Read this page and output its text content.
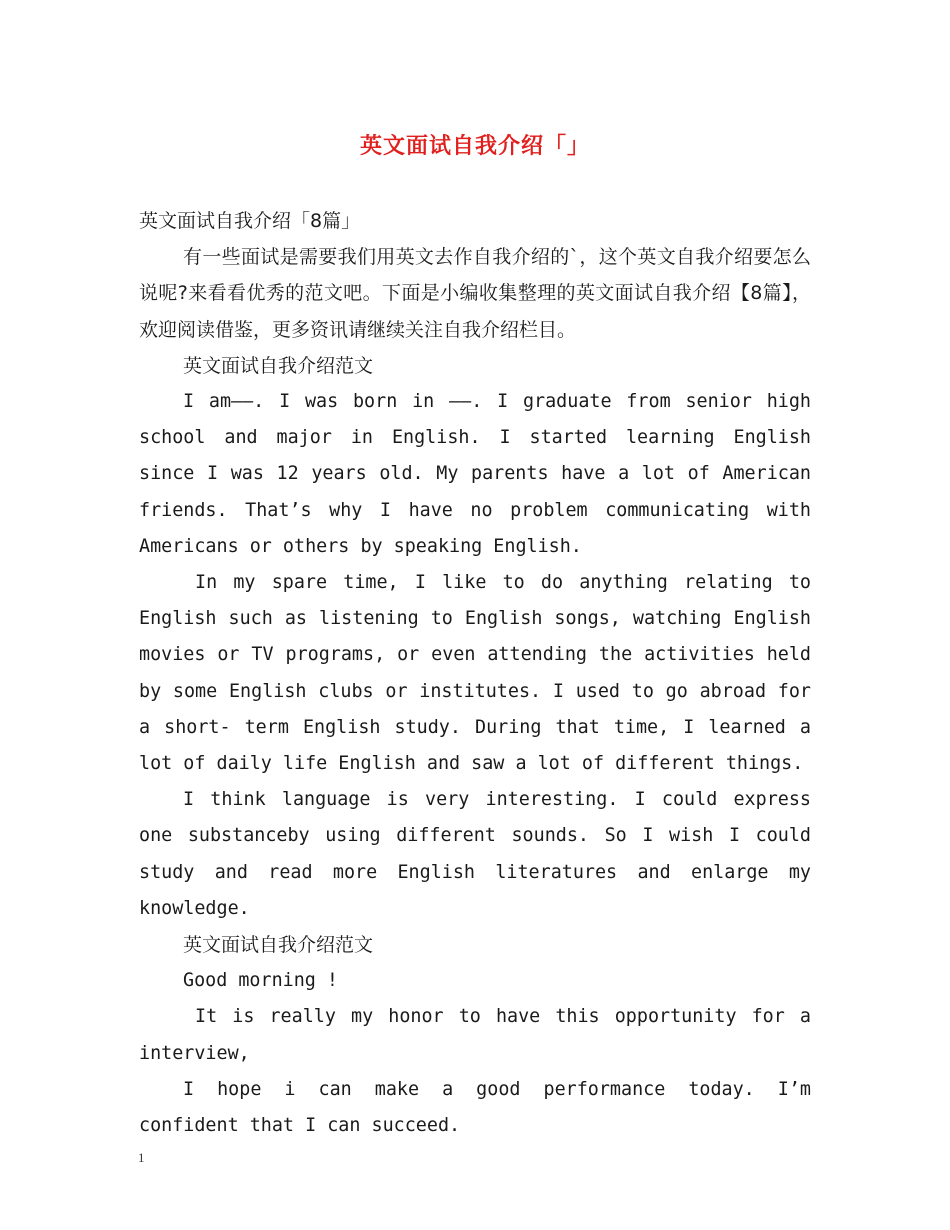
英文面试自我介绍「」

英文面试自我介绍「8篇」

有一些面试是需要我们用英文去作自我介绍的`，这个英文自我介绍要怎么说呢?来看看优秀的范文吧。下面是小编收集整理的英文面试自我介绍【8篇】，欢迎阅读借鉴，更多资讯请继续关注自我介绍栏目。

英文面试自我介绍范文

I am——. I was born in ——. I graduate from senior high school and major in English. I started learning English since I was 12 years old. My parents have a lot of American friends. That’s why I have no problem communicating with Americans or others by speaking English.

In my spare time, I like to do anything relating to English such as listening to English songs, watching English movies or TV programs, or even attending the activities held by some English clubs or institutes. I used to go abroad for a short- term English study. During that time, I learned a lot of daily life English and saw a lot of different things.

I think language is very interesting. I could express one substanceby using different sounds. So I wish I could study and read more English literatures and enlarge my knowledge.

英文面试自我介绍范文

Good morning !

It is really my honor to have this opportunity for a interview,

I hope i can make a good performance today. I’m confident that I can succeed.

1
